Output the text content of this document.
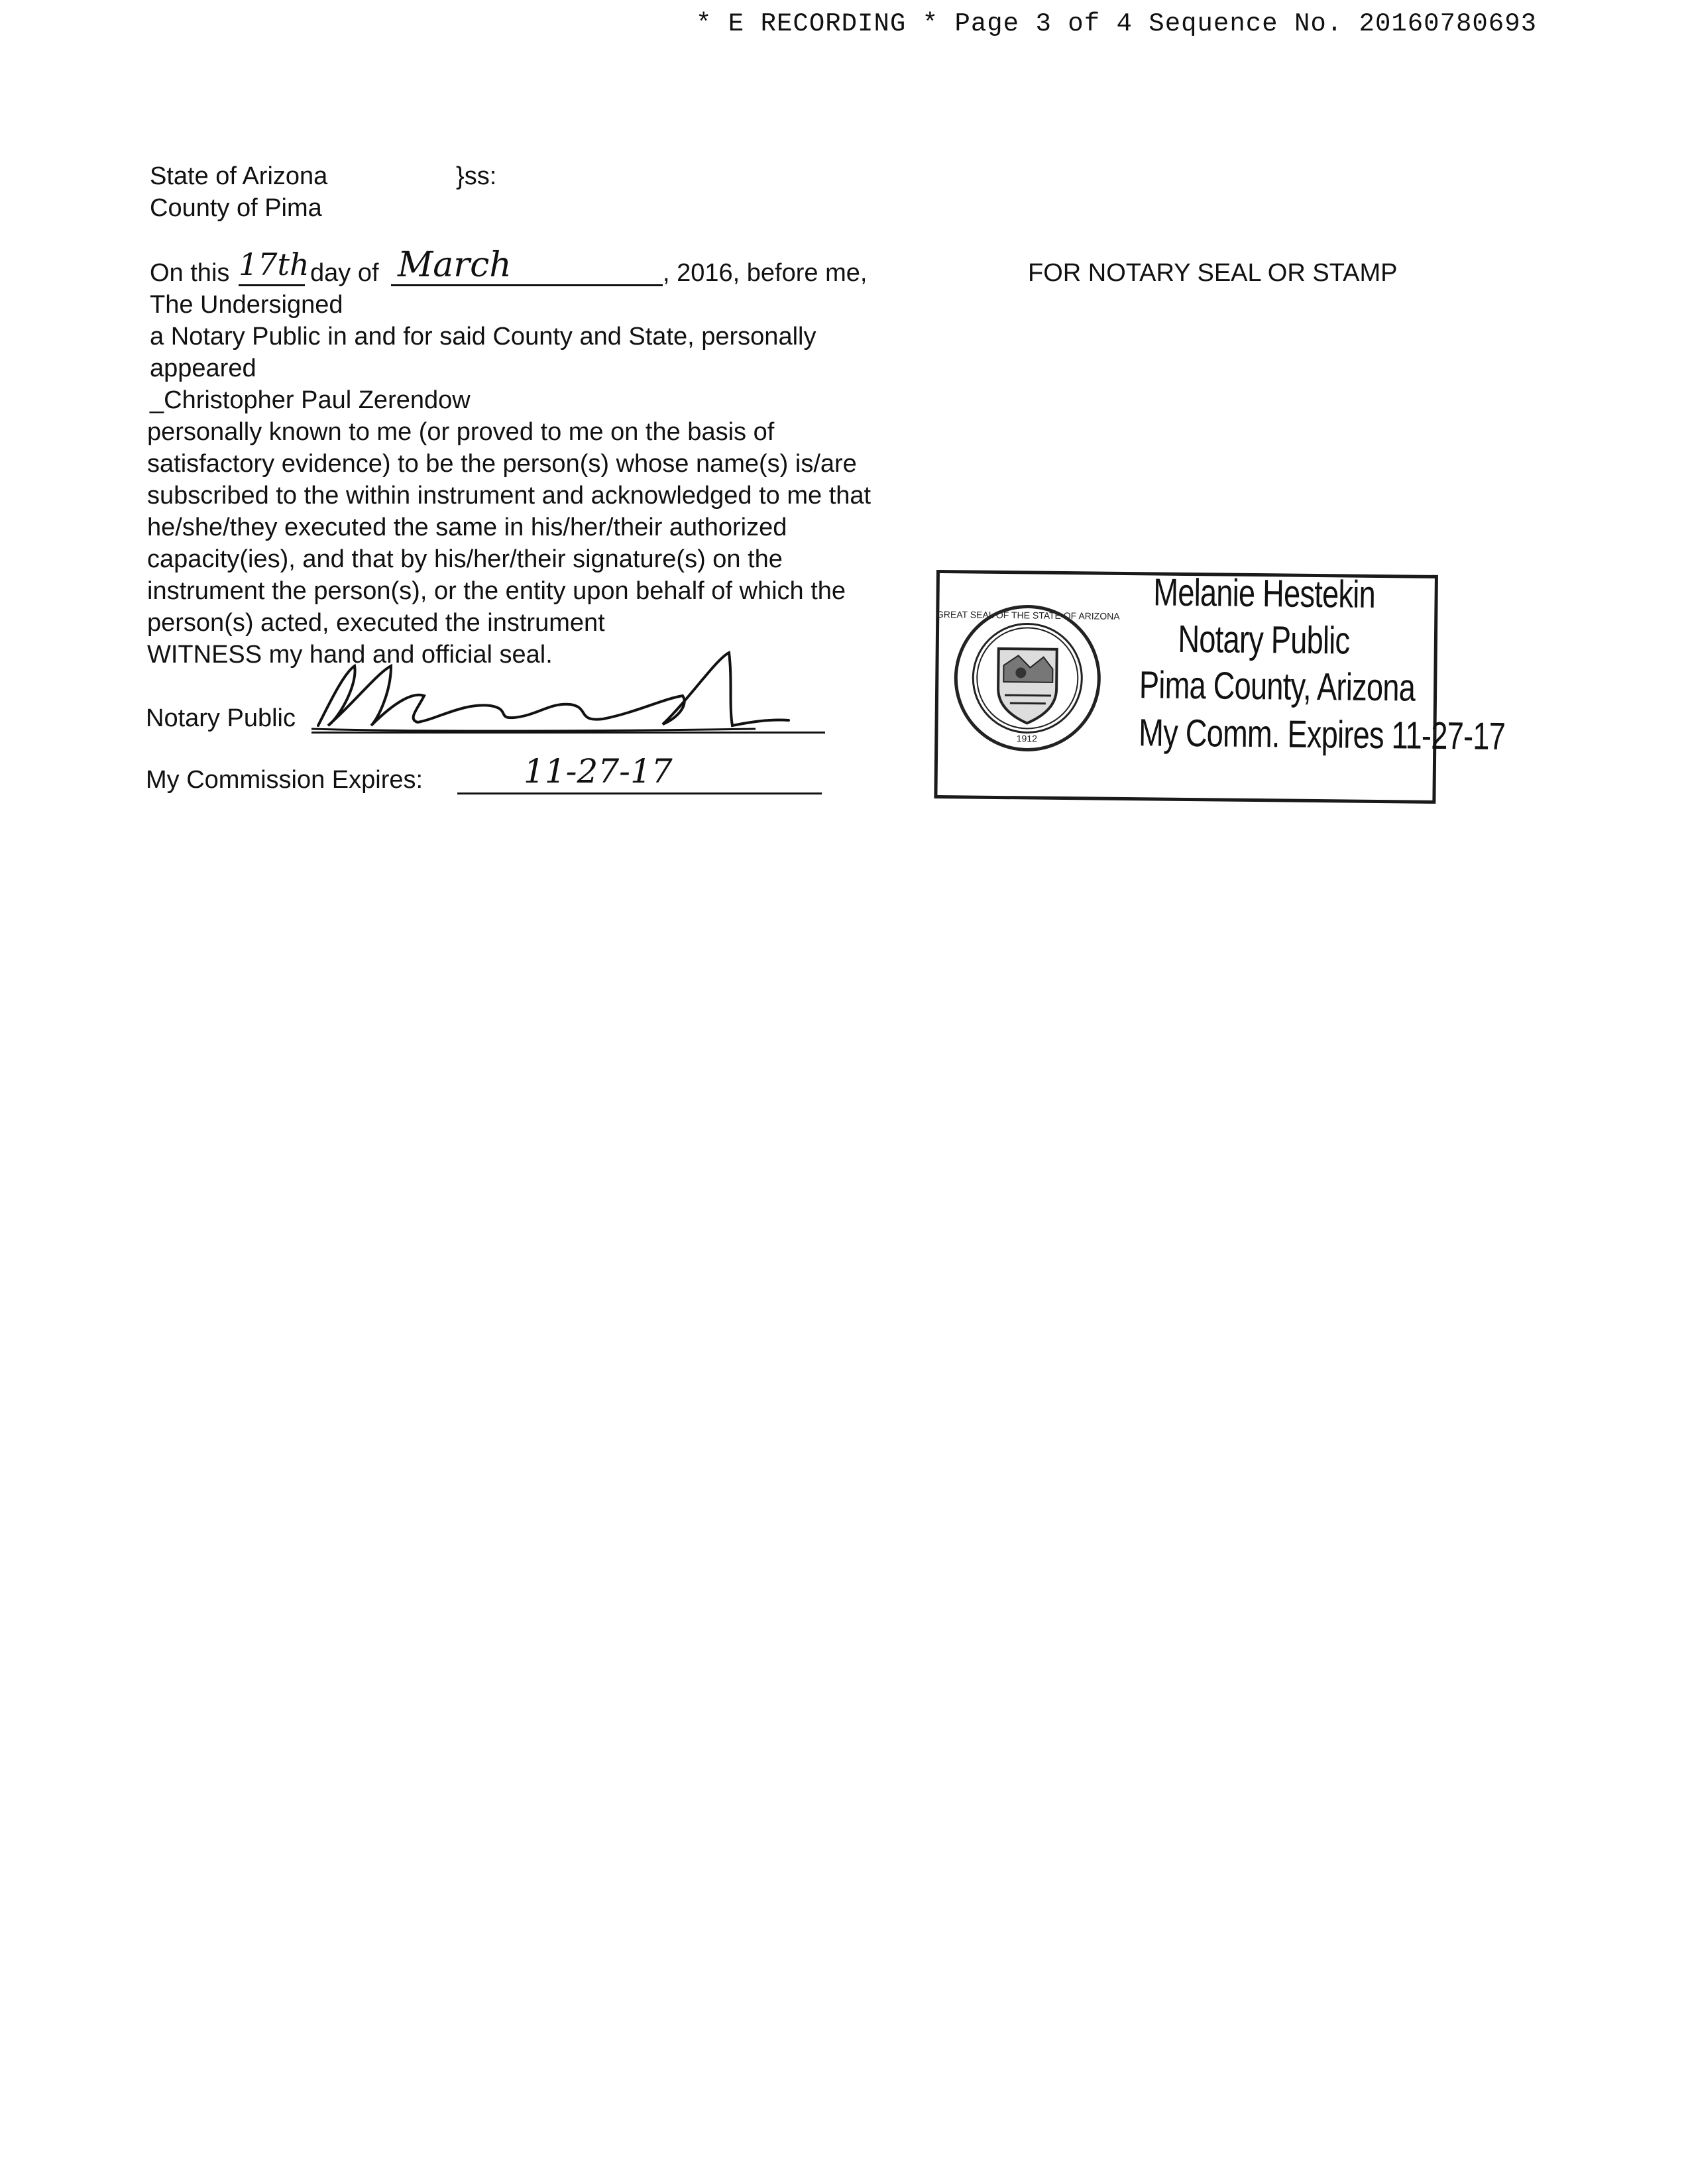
* E RECORDING * Page 3 of 4 Sequence No. 20160780693
State of Arizona	}ss:
County of Pima
On this 17th day of March	, 2016, before me,	FOR NOTARY SEAL OR STAMP
The Undersigned
a Notary Public in and for said County and State, personally
appeared
_Christopher Paul Zerendow
personally known to me (or proved to me on the basis of
satisfactory evidence) to be the person(s) whose name(s) is/are
subscribed to the within instrument and acknowledged to me that
he/she/they executed the same in his/her/their authorized
capacity(ies), and that by his/her/their signature(s) on the
instrument the person(s), or the entity upon behalf of which the
person(s) acted, executed the instrument
WITNESS my hand and official seal.
Notary Public
My Commission Expires:	11-27-17
GREAT SEAL OF THE STATE OF ARIZONA
1912
Melanie Hestekin
Notary Public
Pima County, Arizona
My Comm. Expires 11-27-17
